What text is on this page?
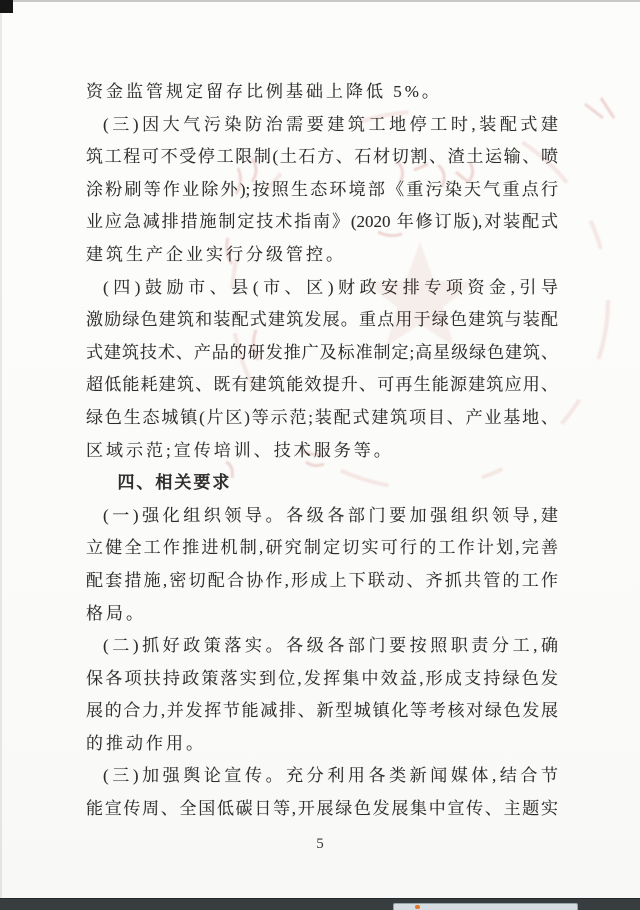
资金监管规定留存比例基础上降低 5%。
(三)因大气污染防治需要建筑工地停工时,装配式建
筑工程可不受停工限制(土石方、石材切割、渣土运输、喷
涂粉刷等作业除外);按照生态环境部《重污染天气重点行
业应急减排措施制定技术指南》(2020 年修订版),对装配式
建筑生产企业实行分级管控。
(四)鼓励市、县(市、区)财政安排专项资金,引导
激励绿色建筑和装配式建筑发展。重点用于绿色建筑与装配
式建筑技术、产品的研发推广及标准制定;高星级绿色建筑、
超低能耗建筑、既有建筑能效提升、可再生能源建筑应用、
绿色生态城镇(片区)等示范;装配式建筑项目、产业基地、
区域示范;宣传培训、技术服务等。
四、相关要求
(一)强化组织领导。各级各部门要加强组织领导,建
立健全工作推进机制,研究制定切实可行的工作计划,完善
配套措施,密切配合协作,形成上下联动、齐抓共管的工作
格局。
(二)抓好政策落实。各级各部门要按照职责分工,确
保各项扶持政策落实到位,发挥集中效益,形成支持绿色发
展的合力,并发挥节能减排、新型城镇化等考核对绿色发展
的推动作用。
(三)加强舆论宣传。充分利用各类新闻媒体,结合节
能宣传周、全国低碳日等,开展绿色发展集中宣传、主题实
5
